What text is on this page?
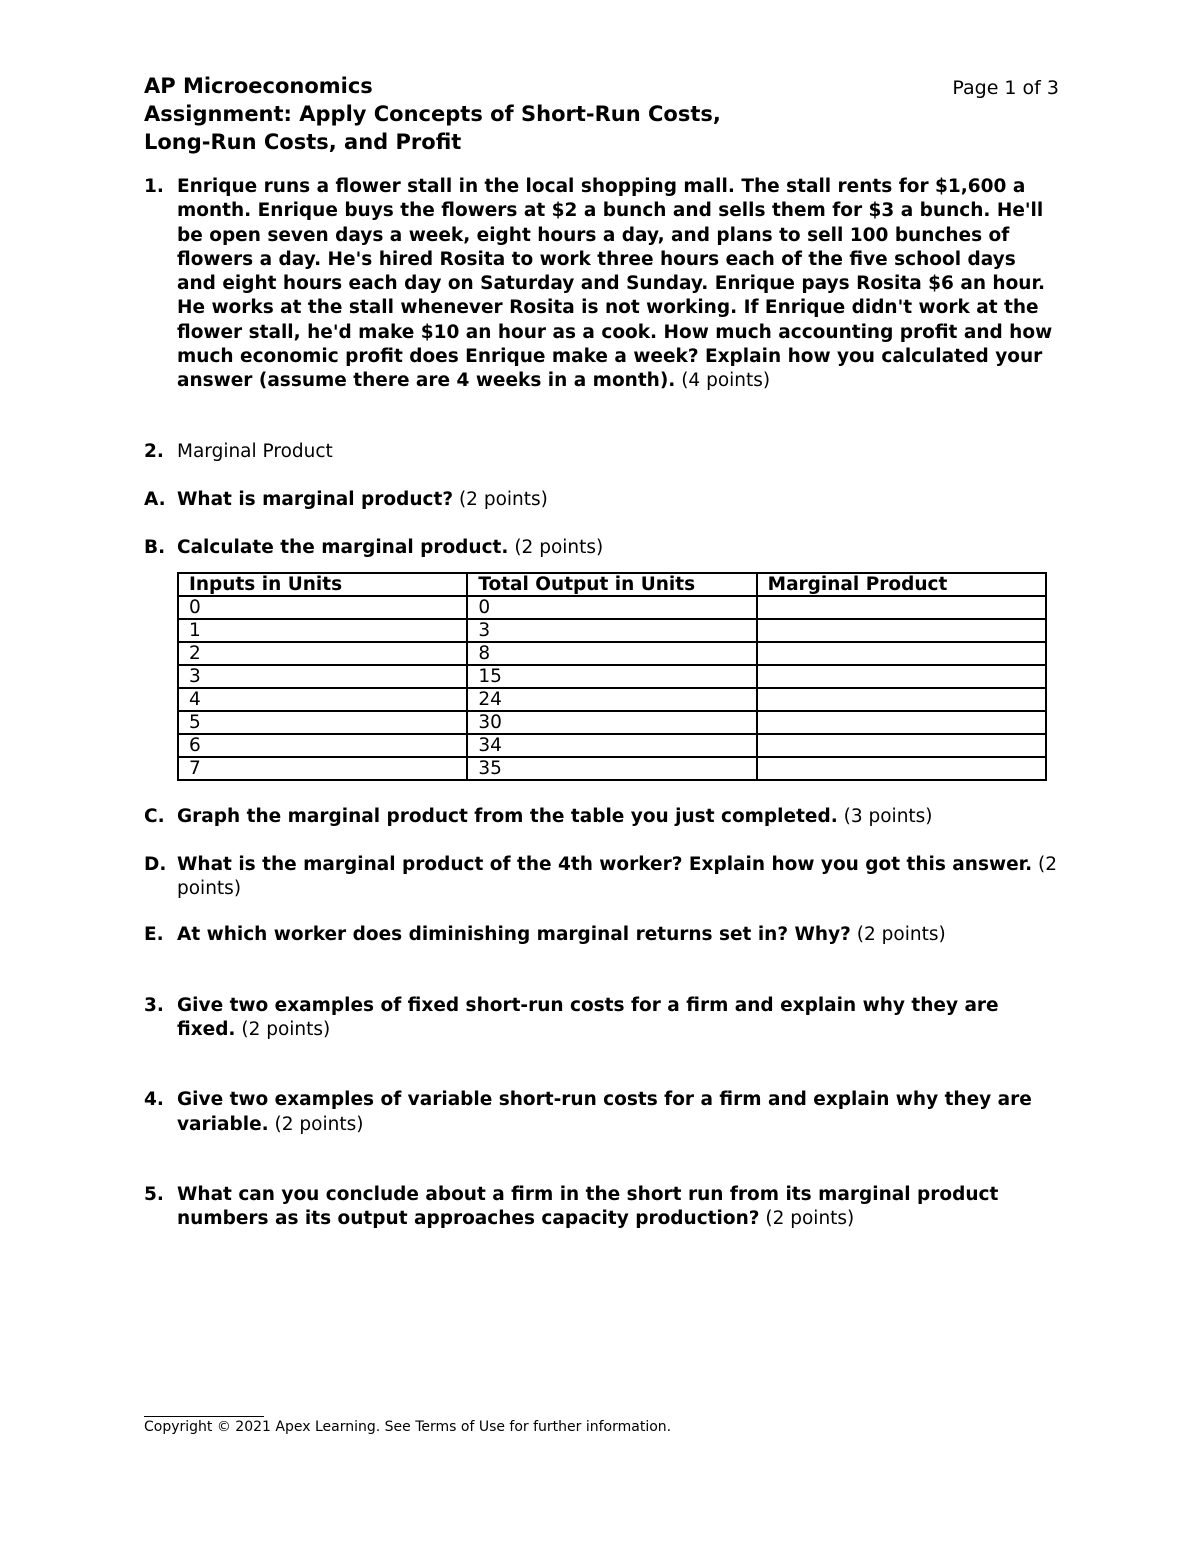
AP Microeconomics	Page 1 of 3
Assignment: Apply Concepts of Short-Run Costs,
Long-Run Costs, and Profit
1. Enrique runs a flower stall in the local shopping mall. The stall rents for $1,600 a month. Enrique buys the flowers at $2 a bunch and sells them for $3 a bunch. He'll be open seven days a week, eight hours a day, and plans to sell 100 bunches of flowers a day. He's hired Rosita to work three hours each of the five school days and eight hours each day on Saturday and Sunday. Enrique pays Rosita $6 an hour. He works at the stall whenever Rosita is not working. If Enrique didn't work at the flower stall, he'd make $10 an hour as a cook. How much accounting profit and how much economic profit does Enrique make a week? Explain how you calculated your answer (assume there are 4 weeks in a month). (4 points)
2. Marginal Product
A. What is marginal product? (2 points)
B. Calculate the marginal product. (2 points)
Inputs in Units	Total Output in Units	Marginal Product
0	0	
1	3	
2	8	
3	15	
4	24	
5	30	
6	34	
7	35	
C. Graph the marginal product from the table you just completed. (3 points)
D. What is the marginal product of the 4th worker? Explain how you got this answer. (2 points)
E. At which worker does diminishing marginal returns set in? Why? (2 points)
3. Give two examples of fixed short-run costs for a firm and explain why they are fixed. (2 points)
4. Give two examples of variable short-run costs for a firm and explain why they are variable. (2 points)
5. What can you conclude about a firm in the short run from its marginal product numbers as its output approaches capacity production? (2 points)
Copyright © 2021 Apex Learning. See Terms of Use for further information.
